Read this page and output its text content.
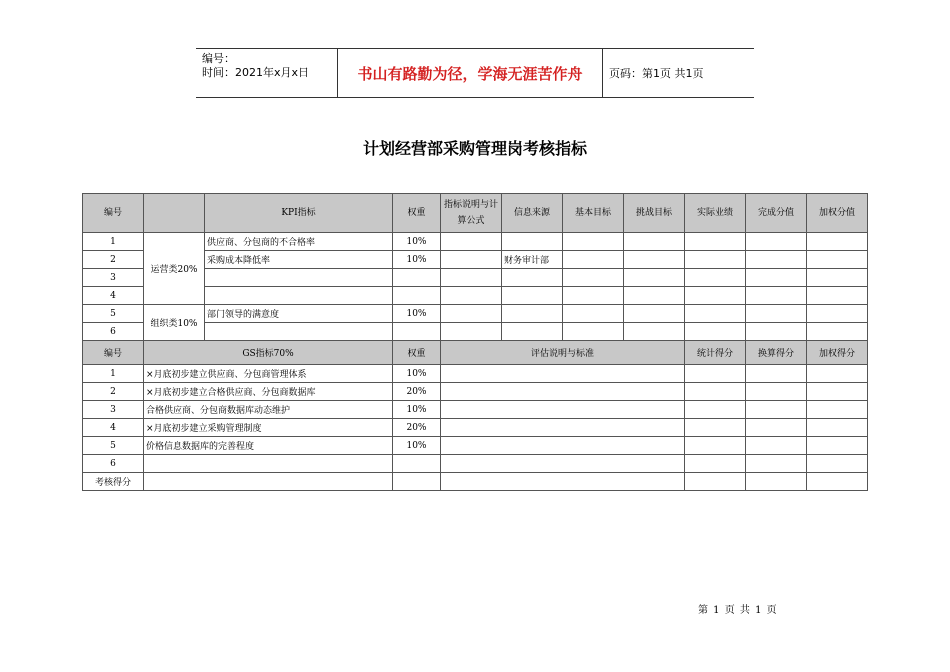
编号：
时间：2021年x月x日	书山有路勤为径，学海无涯苦作舟	页码：第1页 共1页
计划经营部采购管理岗考核指标
编号		KPI指标	权重	指标说明与计算公式	信息来源	基本目标	挑战目标	实际业绩	完成分值	加权分值
1	运营类20%	供应商、分包商的不合格率	10%							
2		采购成本降低率	10%		财务审计部					
3										
4										
5	组织类10%	部门领导的满意度	10%							
6										
编号	GS指标70%		权重	评估说明与标准				统计得分	换算得分	加权得分
1	×月底初步建立供应商、分包商管理体系		10%							
2	×月底初步建立合格供应商、分包商数据库		20%							
3	合格供应商、分包商数据库动态维护		10%							
4	×月底初步建立采购管理制度		20%							
5	价格信息数据库的完善程度		10%							
6										
考核得分										
第 1 页 共 1 页
